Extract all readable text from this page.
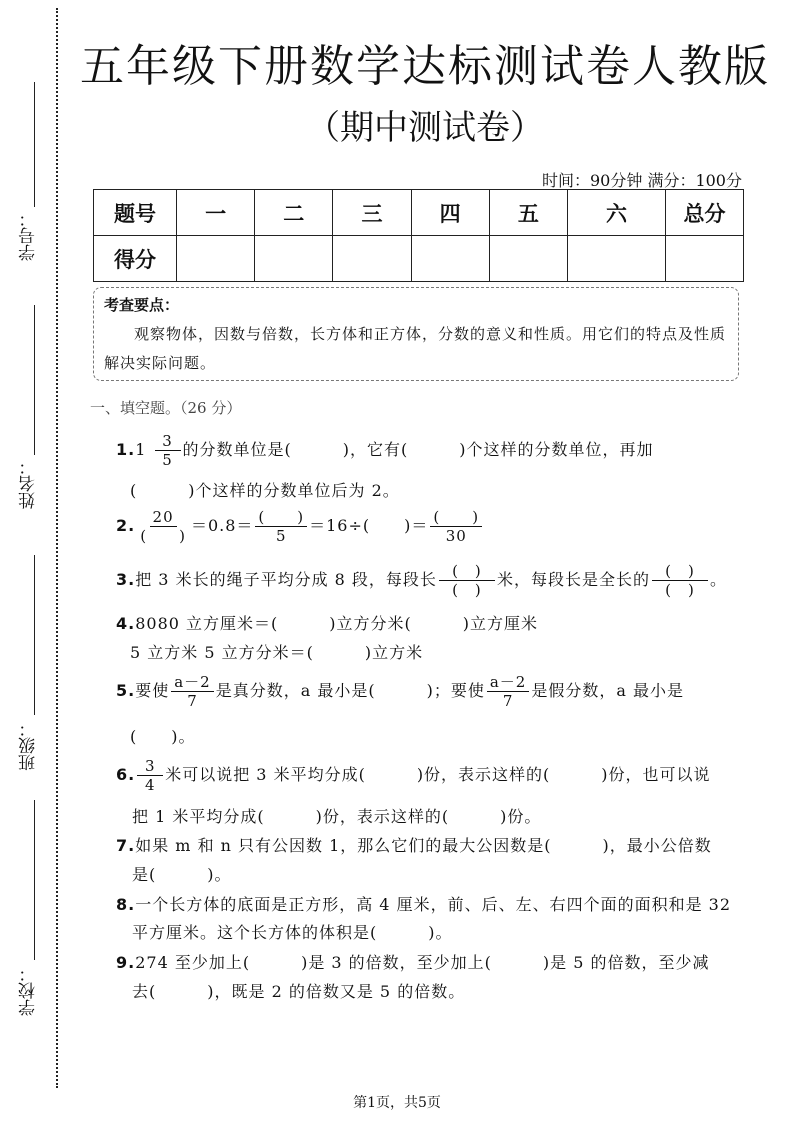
学号：
姓名：
班级：
学校：
五年级下册数学达标测试卷人教版
（期中测试卷）
时间：90分钟 满分：100分
题号	一	二	三	四	五	六	总分
得分							
考查要点：
观察物体，因数与倍数，长方体和正方体，分数的意义和性质。用它们的特点及性质解决实际问题。
一、填空题。（26 分）
$1.1 \frac{3}{5}$ 的分数单位是(　　　)，它有(　　　)个这样的分数单位，再加
(　　　)个这样的分数单位后为 2。
2. $\frac{20}{( )} =0.8= \frac{( )}{5} =16\div$(　　)＝ $\frac{( )}{30}$
3.把 3 米长的绳子平均分成 8 段，每段长 $\frac{( )}{( )}$ 米，每段长是全长的 $\frac{( )}{( )}$ 。
4.8080 立方厘米＝(　　　)立方分米(　　　)立方厘米
5 立方米 5 立方分米＝(　　　)立方米
5.要使 $\frac{a-2}{7}$ 是真分数，a 最小是(　　　)；要使 $\frac{a-2}{7}$ 是假分数，a 最小是
(　　)。
6. $\frac{3}{4}$ 米可以说把 3 米平均分成(　　　)份，表示这样的(　　　)份，也可以说
把 1 米平均分成(　　　)份，表示这样的(　　　)份。
7.如果 m 和 n 只有公因数 1，那么它们的最大公因数是(　　　)，最小公倍数
是(　　　)。
8.一个长方体的底面是正方形，高 4 厘米，前、后、左、右四个面的面积和是 32
平方厘米。这个长方体的体积是(　　　)。
9.274 至少加上(　　　)是 3 的倍数，至少加上(　　　)是 5 的倍数，至少减
去(　　　)，既是 2 的倍数又是 5 的倍数。
第1页，共5页
